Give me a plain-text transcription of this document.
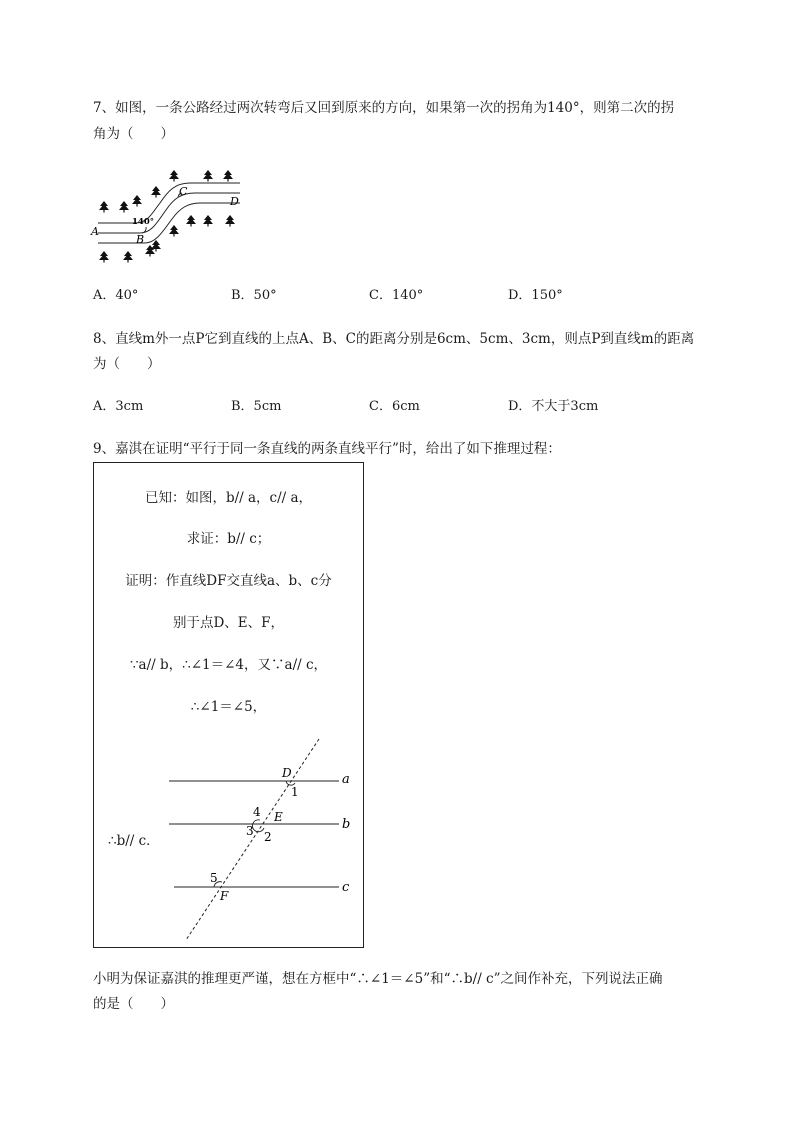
7、如图，一条公路经过两次转弯后又回到原来的方向，如果第一次的拐角为140°，则第二次的拐
角为（　　）
A
B
C
D
140°
A．40°	B．50°	C．140°	D．150°
8、直线m外一点P它到直线的上点A、B、C的距离分别是6cm、5cm、3cm，则点P到直线m的距离
为（　　）
A．3cm	B．5cm	C．6cm	D．不大于3cm
9、嘉淇在证明“平行于同一条直线的两条直线平行”时，给出了如下推理过程：
已知：如图，b// a，c// a，
求证：b// c；
证明：作直线DF交直线a、b、c分
别于点D、E、F，
∵a// b，∴∠1＝∠4，又∵a// c，
∴∠1＝∠5，
∴b// c．
a
b
c
D
E
F
1
2
3
4
5
小明为保证嘉淇的推理更严谨，想在方框中“∴∠1＝∠5”和“∴b// c”之间作补充，下列说法正确
的是（　　）
